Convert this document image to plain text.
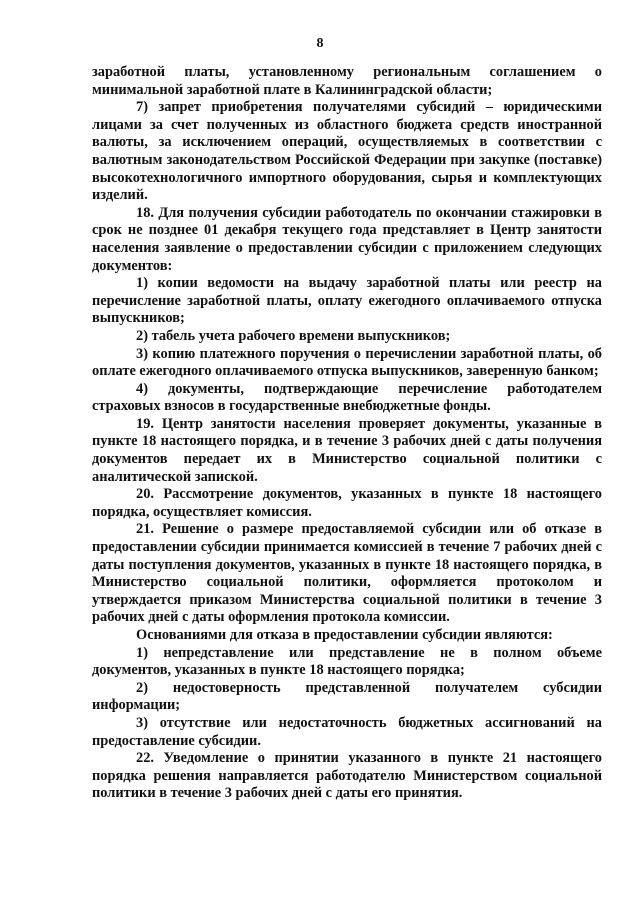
8

заработной платы, установленному региональным соглашением о минимальной заработной плате в Калининградской области;

7) запрет приобретения получателями субсидий – юридическими лицами за счет полученных из областного бюджета средств иностранной валюты, за исключением операций, осуществляемых в соответствии с валютным законодательством Российской Федерации при закупке (поставке) высокотехнологичного импортного оборудования, сырья и комплектующих изделий.

18. Для получения субсидии работодатель по окончании стажировки в срок не позднее 01 декабря текущего года представляет в Центр занятости населения заявление о предоставлении субсидии с приложением следующих документов:

1) копии ведомости на выдачу заработной платы или реестр на перечисление заработной платы, оплату ежегодного оплачиваемого отпуска выпускников;

2) табель учета рабочего времени выпускников;

3) копию платежного поручения о перечислении заработной платы, об оплате ежегодного оплачиваемого отпуска выпускников, заверенную банком;

4) документы, подтверждающие перечисление работодателем страховых взносов в государственные внебюджетные фонды.

19. Центр занятости населения проверяет документы, указанные в пункте 18 настоящего порядка, и в течение 3 рабочих дней с даты получения документов передает их в Министерство социальной политики с аналитической запиской.

20. Рассмотрение документов, указанных в пункте 18 настоящего порядка, осуществляет комиссия.

21. Решение о размере предоставляемой субсидии или об отказе в предоставлении субсидии принимается комиссией в течение 7 рабочих дней с даты поступления документов, указанных в пункте 18 настоящего порядка, в Министерство социальной политики, оформляется протоколом и утверждается приказом Министерства социальной политики в течение 3 рабочих дней с даты оформления протокола комиссии.

Основаниями для отказа в предоставлении субсидии являются:

1) непредставление или представление не в полном объеме документов, указанных в пункте 18 настоящего порядка;

2) недостоверность представленной получателем субсидии информации;

3) отсутствие или недостаточность бюджетных ассигнований на предоставление субсидии.

22. Уведомление о принятии указанного в пункте 21 настоящего порядка решения направляется работодателю Министерством социальной политики в течение 3 рабочих дней с даты его принятия.
